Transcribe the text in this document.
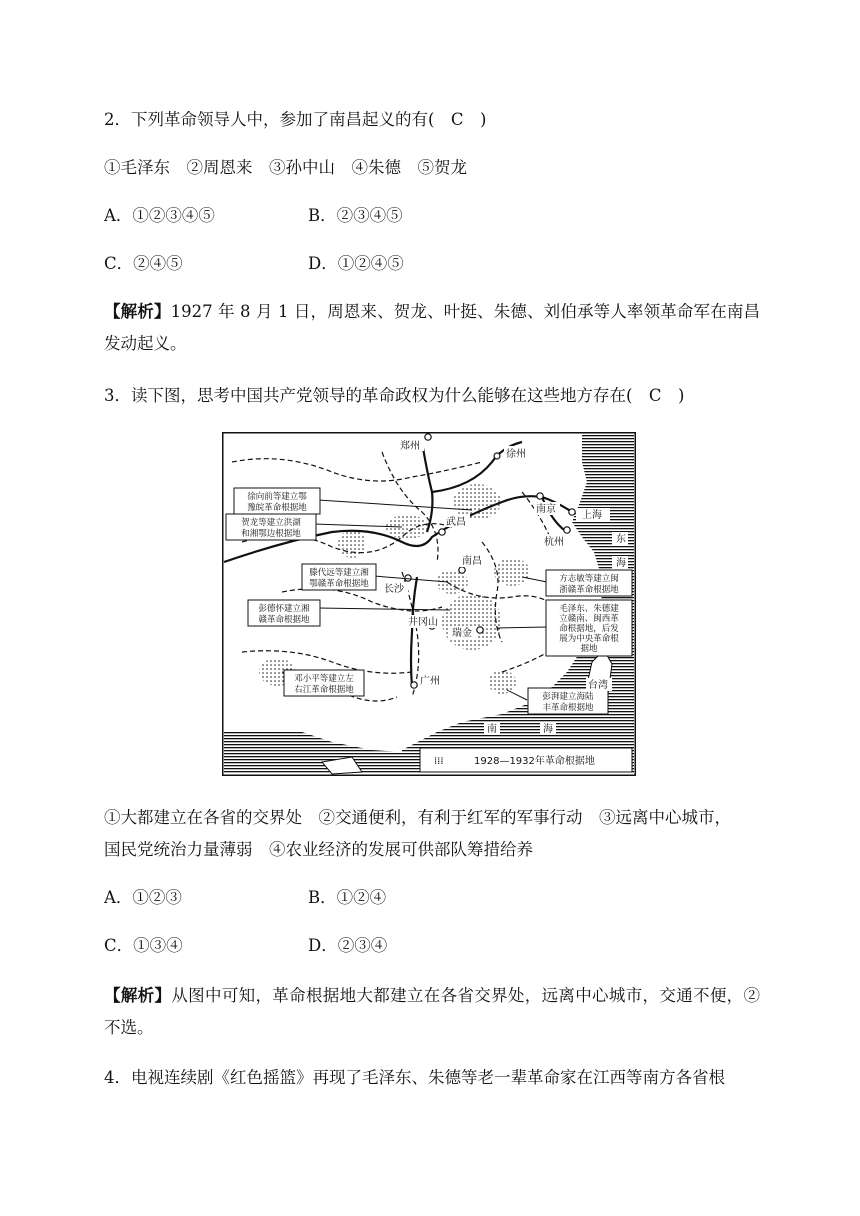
2．下列革命领导人中，参加了南昌起义的有(　C　)
①毛泽东　②周恩来　③孙中山　④朱德　⑤贺龙
A．①②③④⑤	B．②③④⑤
C．②④⑤	D．①②④⑤
【解析】1927 年 8 月 1 日，周恩来、贺龙、叶挺、朱德、刘伯承等人率领革命军在南昌发动起义。
3．读下图，思考中国共产党领导的革命政权为什么能够在这些地方存在(　C　)
徐向前等建立鄂
豫皖革命根据地
贺龙等建立洪湖
和湘鄂边根据地
滕代远等建立湘
鄂赣革命根据地
彭德怀建立湘
赣革命根据地
邓小平等建立左
右江革命根据地
方志敏等建立闽
浙赣革命根据地
毛泽东、朱德建
立赣南、闽西革
命根据地，后发
展为中央革命根
据地
彭湃建立海陆
丰革命根据地
郑州
徐州
南京
上海
武昌
杭州	东
海
南昌
长沙
井冈山
瑞金
广州	台湾
南	海
⁞⁞⁞	1928—1932年革命根据地
①大都建立在各省的交界处　②交通便利，有利于红军的军事行动　③远离中心城市，
国民党统治力量薄弱　④农业经济的发展可供部队筹措给养
A．①②③	B．①②④
C．①③④	D．②③④
【解析】从图中可知，革命根据地大都建立在各省交界处，远离中心城市，交通不便，②不选。
4．电视连续剧《红色摇篮》再现了毛泽东、朱德等老一辈革命家在江西等南方各省根
